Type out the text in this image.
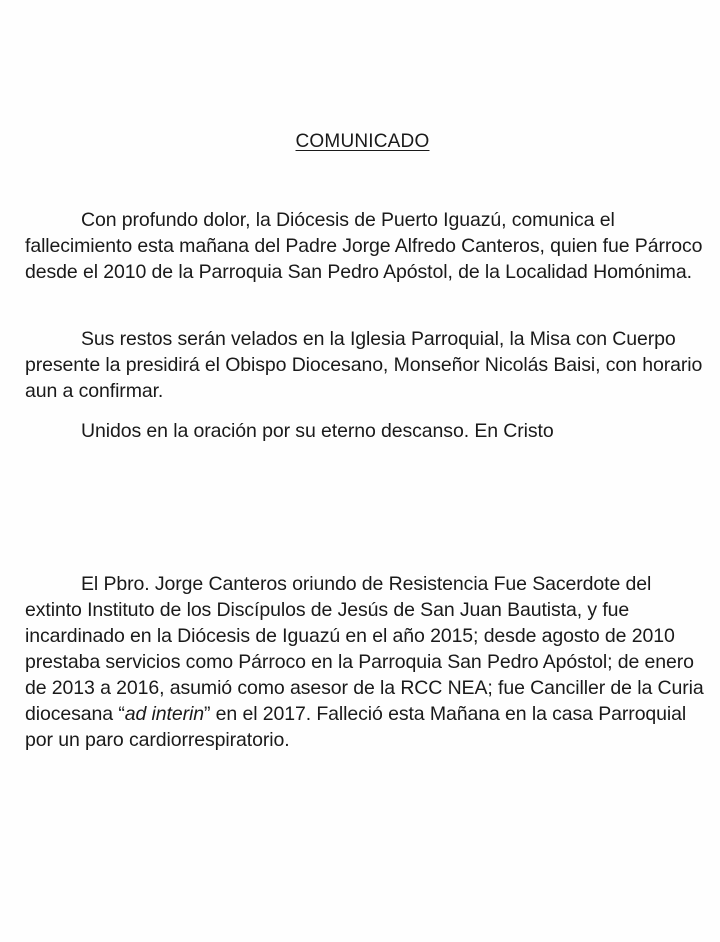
COMUNICADO

Con profundo dolor, la Diócesis de Puerto Iguazú, comunica el fallecimiento esta mañana del Padre Jorge Alfredo Canteros, quien fue Párroco desde el 2010 de la Parroquia San Pedro Apóstol, de la Localidad Homónima.

Sus restos serán velados en la Iglesia Parroquial, la Misa con Cuerpo presente la presidirá el Obispo Diocesano, Monseñor Nicolás Baisi, con horario aun a confirmar.

Unidos en la oración por su eterno descanso. En Cristo

El Pbro. Jorge Canteros oriundo de Resistencia Fue Sacerdote del extinto Instituto de los Discípulos de Jesús de San Juan Bautista, y fue incardinado en la Diócesis de Iguazú en el año 2015; desde agosto de 2010 prestaba servicios como Párroco en la Parroquia San Pedro Apóstol; de enero de 2013 a 2016, asumió como asesor de la RCC NEA; fue Canciller de la Curia diocesana “ad interin” en el 2017. Falleció esta Mañana en la casa Parroquial por un paro cardiorrespiratorio.
